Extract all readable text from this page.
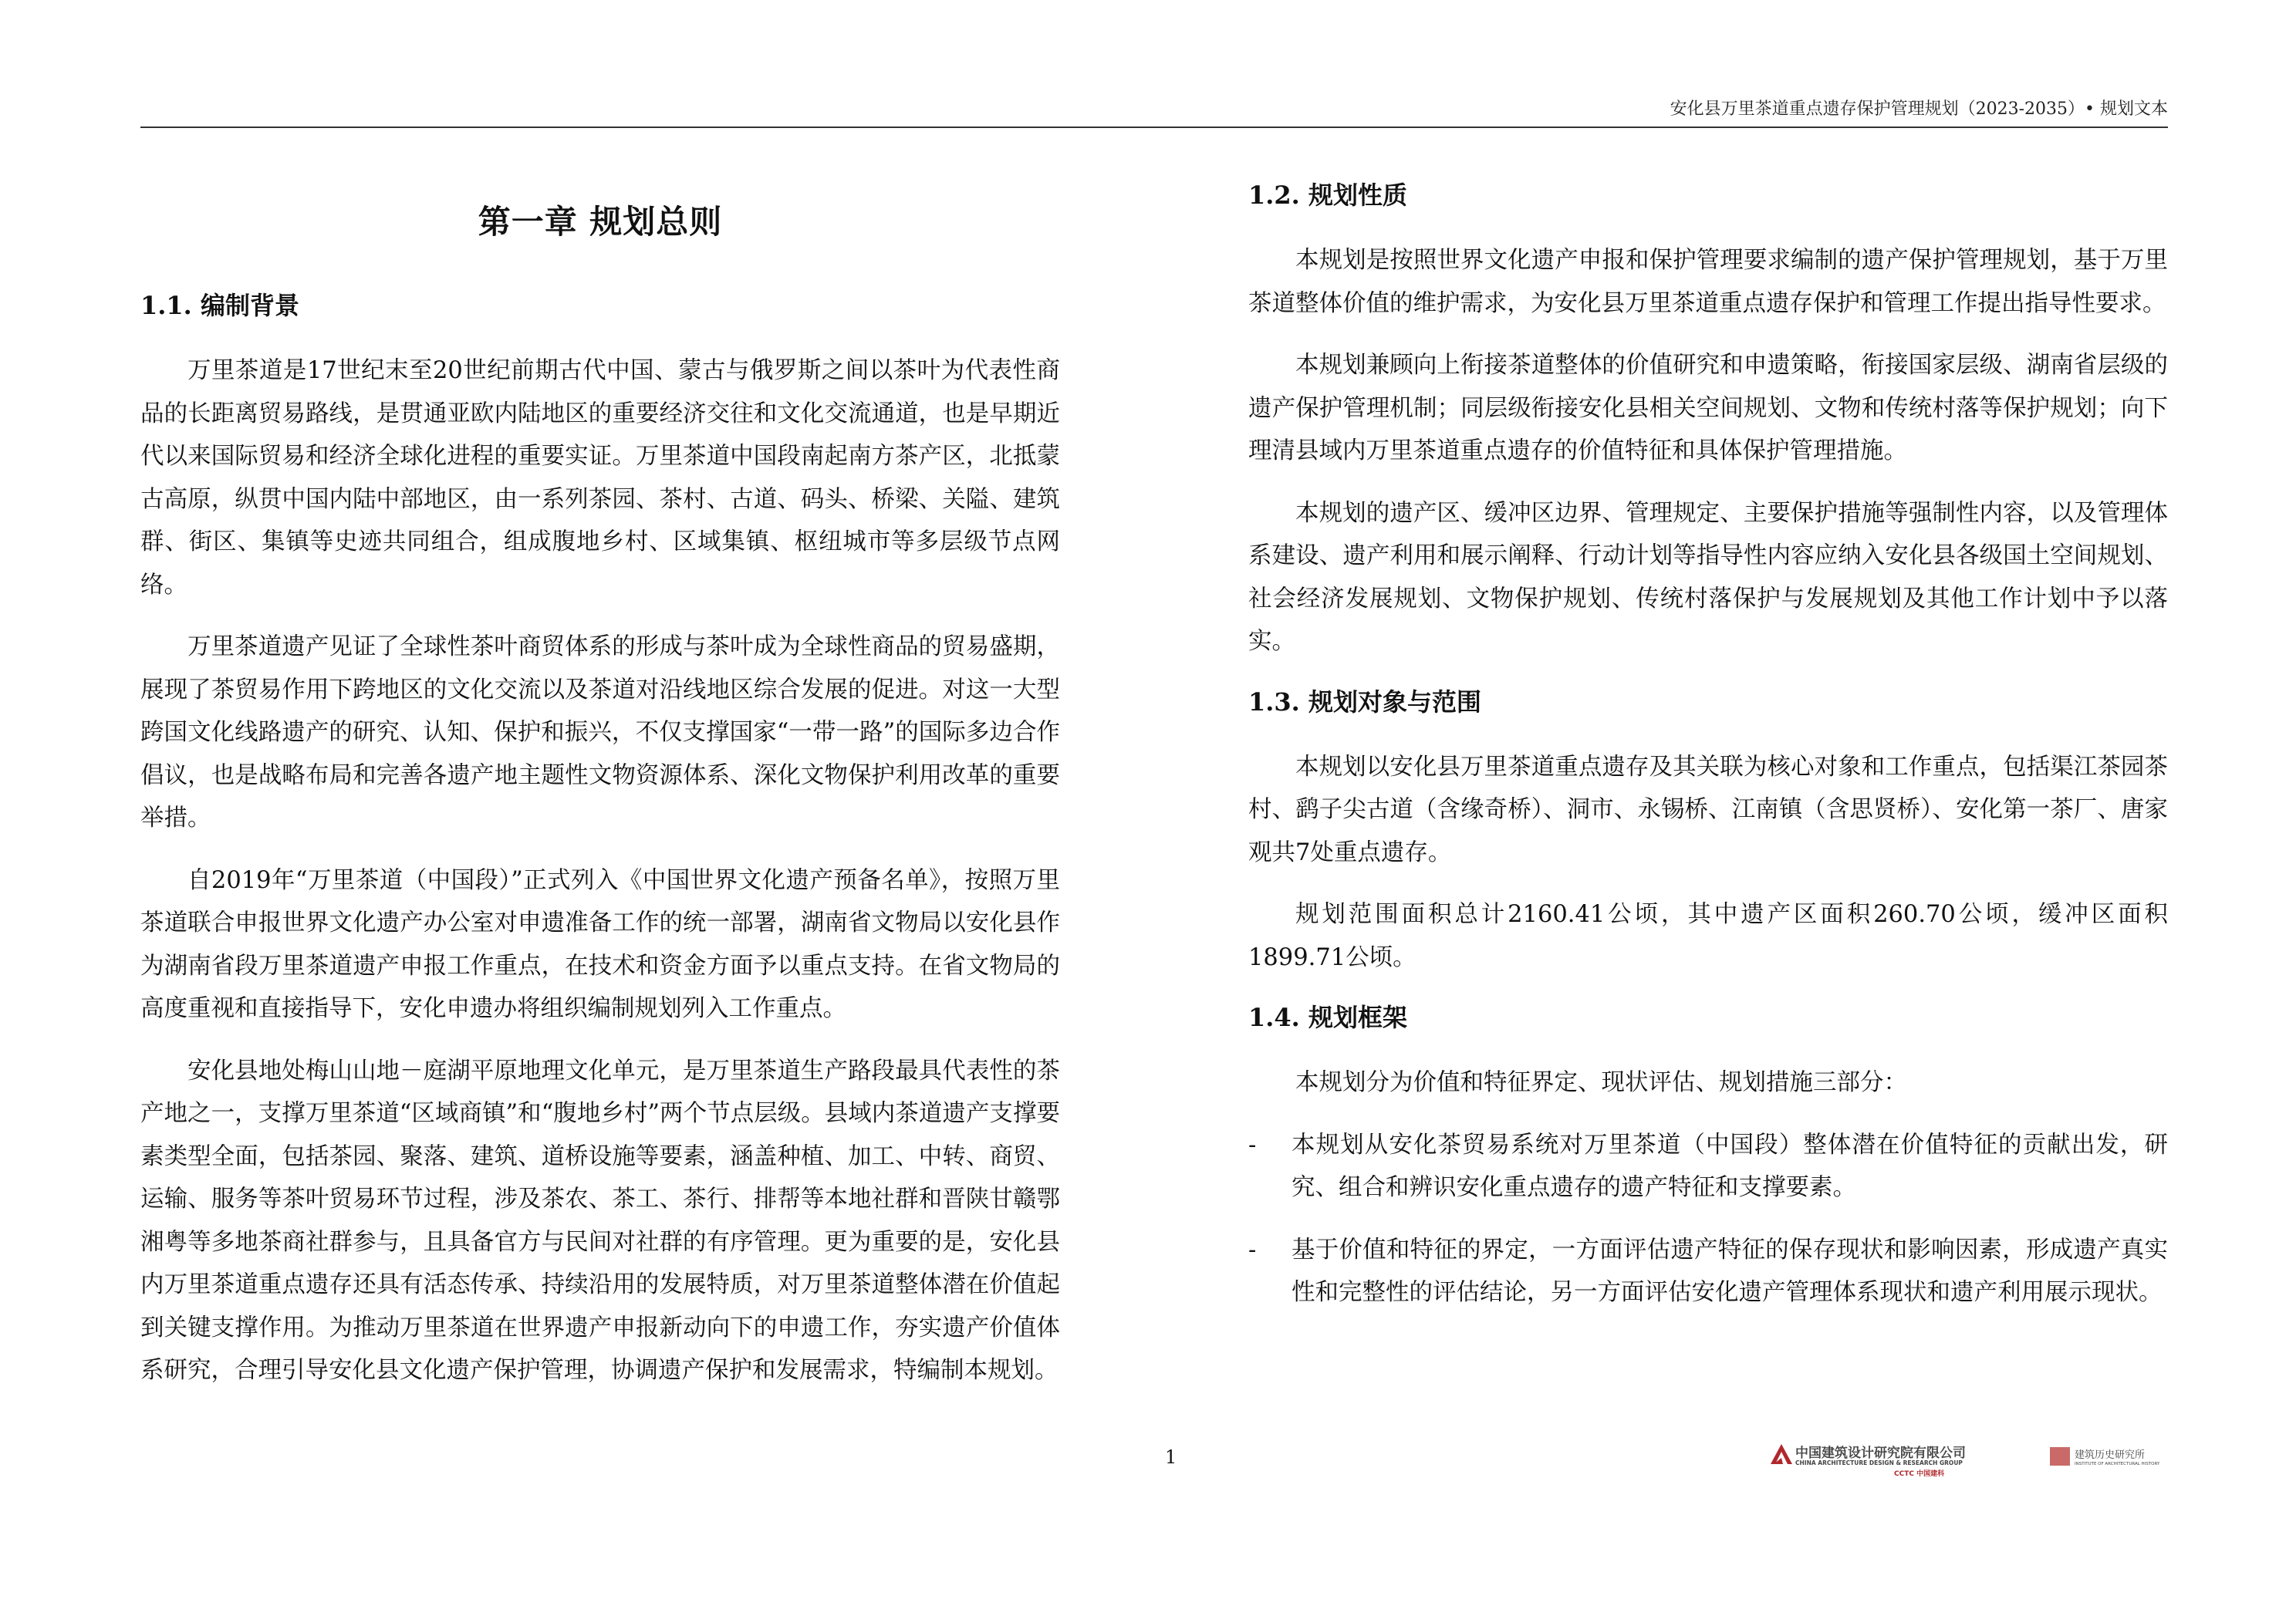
安化县万里茶道重点遗存保护管理规划（2023-2035）• 规划文本
第一章 规划总则
1.1. 编制背景
万里茶道是17世纪末至20世纪前期古代中国、蒙古与俄罗斯之间以茶叶为代表性商品的长距离贸易路线，是贯通亚欧内陆地区的重要经济交往和文化交流通道，也是早期近代以来国际贸易和经济全球化进程的重要实证。万里茶道中国段南起南方茶产区，北抵蒙古高原，纵贯中国内陆中部地区，由一系列茶园、茶村、古道、码头、桥梁、关隘、建筑群、街区、集镇等史迹共同组合，组成腹地乡村、区域集镇、枢纽城市等多层级节点网络。
万里茶道遗产见证了全球性茶叶商贸体系的形成与茶叶成为全球性商品的贸易盛期，展现了茶贸易作用下跨地区的文化交流以及茶道对沿线地区综合发展的促进。对这一大型跨国文化线路遗产的研究、认知、保护和振兴，不仅支撑国家“一带一路”的国际多边合作倡议，也是战略布局和完善各遗产地主题性文物资源体系、深化文物保护利用改革的重要举措。
自2019年“万里茶道（中国段）”正式列入《中国世界文化遗产预备名单》，按照万里茶道联合申报世界文化遗产办公室对申遗准备工作的统一部署，湖南省文物局以安化县作为湖南省段万里茶道遗产申报工作重点，在技术和资金方面予以重点支持。在省文物局的高度重视和直接指导下，安化申遗办将组织编制规划列入工作重点。
安化县地处梅山山地－庭湖平原地理文化单元，是万里茶道生产路段最具代表性的茶产地之一，支撑万里茶道“区域商镇”和“腹地乡村”两个节点层级。县域内茶道遗产支撑要素类型全面，包括茶园、聚落、建筑、道桥设施等要素，涵盖种植、加工、中转、商贸、运输、服务等茶叶贸易环节过程，涉及茶农、茶工、茶行、排帮等本地社群和晋陕甘赣鄂湘粤等多地茶商社群参与，且具备官方与民间对社群的有序管理。更为重要的是，安化县内万里茶道重点遗存还具有活态传承、持续沿用的发展特质，对万里茶道整体潜在价值起到关键支撑作用。为推动万里茶道在世界遗产申报新动向下的申遗工作，夯实遗产价值体系研究，合理引导安化县文化遗产保护管理，协调遗产保护和发展需求，特编制本规划。
1.2. 规划性质
本规划是按照世界文化遗产申报和保护管理要求编制的遗产保护管理规划，基于万里茶道整体价值的维护需求，为安化县万里茶道重点遗存保护和管理工作提出指导性要求。
本规划兼顾向上衔接茶道整体的价值研究和申遗策略，衔接国家层级、湖南省层级的遗产保护管理机制；同层级衔接安化县相关空间规划、文物和传统村落等保护规划；向下理清县域内万里茶道重点遗存的价值特征和具体保护管理措施。
本规划的遗产区、缓冲区边界、管理规定、主要保护措施等强制性内容，以及管理体系建设、遗产利用和展示阐释、行动计划等指导性内容应纳入安化县各级国土空间规划、社会经济发展规划、文物保护规划、传统村落保护与发展规划及其他工作计划中予以落实。
1.3. 规划对象与范围
本规划以安化县万里茶道重点遗存及其关联为核心对象和工作重点，包括渠江茶园茶村、鹞子尖古道（含缘奇桥）、洞市、永锡桥、江南镇（含思贤桥）、安化第一茶厂、唐家观共7处重点遗存。
规划范围面积总计2160.41公顷，其中遗产区面积260.70公顷，缓冲区面积1899.71公顷。
1.4. 规划框架
本规划分为价值和特征界定、现状评估、规划措施三部分：
-	本规划从安化茶贸易系统对万里茶道（中国段）整体潜在价值特征的贡献出发，研究、组合和辨识安化重点遗存的遗产特征和支撑要素。
-	基于价值和特征的界定，一方面评估遗产特征的保存现状和影响因素，形成遗产真实性和完整性的评估结论，另一方面评估安化遗产管理体系现状和遗产利用展示现状。
1	中国建筑设计研究院有限公司
CHINA ARCHITECTURE DESIGN & RESEARCH GROUP
CCTC 中国建科
建筑历史研究所
INSTITUTE OF ARCHITECTURAL HISTORY
